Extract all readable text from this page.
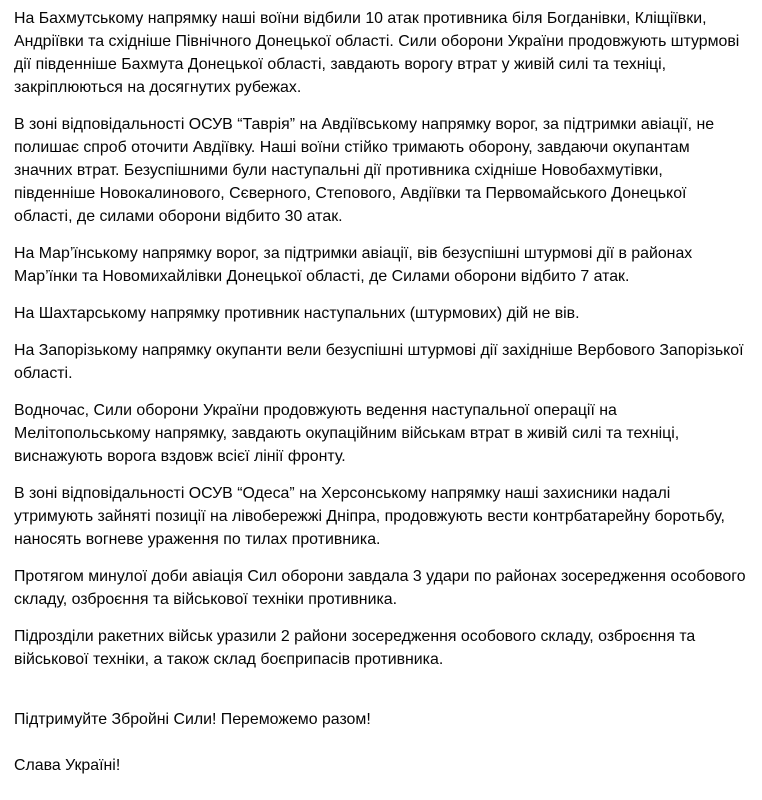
На Бахмутському напрямку наші воїни відбили 10 атак противника біля Богданівки, Кліщіївки, Андріївки та східніше Північного Донецької області. Сили оборони України продовжують штурмові дії південніше Бахмута Донецької області, завдають ворогу втрат у живій силі та техніці, закріплюються на досягнутих рубежах.

В зоні відповідальності ОСУВ “Таврія” на Авдіївському напрямку ворог, за підтримки авіації, не полишає спроб оточити Авдіївку. Наші воїни стійко тримають оборону, завдаючи окупантам значних втрат. Безуспішними були наступальні дії противника східніше Новобахмутівки, південніше Новокалинового, Сєверного, Степового, Авдіївки та Первомайського Донецької області, де силами оборони відбито 30 атак.

На Мар’їнському напрямку ворог, за підтримки авіації, вів безуспішні штурмові дії в районах Мар’їнки та Новомихайлівки Донецької області, де Силами оборони відбито 7 атак.

На Шахтарському напрямку противник наступальних (штурмових) дій не вів.

На Запорізькому напрямку окупанти вели безуспішні штурмові дії західніше Вербового Запорізької області.

Водночас, Сили оборони України продовжують ведення наступальної операції на Мелітопольському напрямку, завдають окупаційним військам втрат в живій силі та техніці, виснажують ворога вздовж всієї лінії фронту.

В зоні відповідальності ОСУВ “Одеса” на Херсонському напрямку наші захисники надалі утримують зайняті позиції на лівобережжі Дніпра, продовжують вести контрбатарейну боротьбу, наносять вогневе ураження по тилах противника.

Протягом минулої доби авіація Сил оборони завдала 3 удари по районах зосередження особового складу, озброєння та військової техніки противника.

Підрозділи ракетних військ уразили 2 райони зосередження особового складу, озброєння та військової техніки, а також склад боєприпасів противника.

Підтримуйте Збройні Сили! Переможемо разом!

Слава Україні!
